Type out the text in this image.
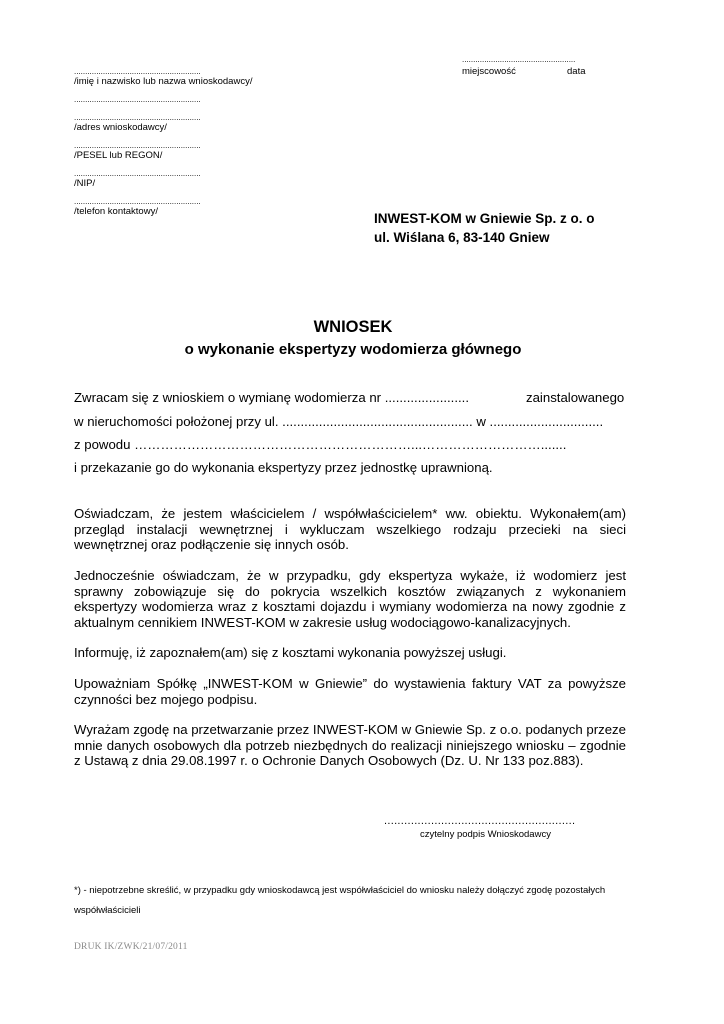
...................................................
miejscowość	data
.........................................................
/imię i nazwisko lub nazwa wnioskodawcy/
.........................................................
.........................................................
/adres wnioskodawcy/
.........................................................
/PESEL lub REGON/
.........................................................
/NIP/
.........................................................
/telefon kontaktowy/	INWEST-KOM w Gniewie Sp. z o. o
ul. Wiślana 6, 83-140 Gniew
WNIOSEK
o wykonanie ekspertyzy wodomierza głównego
Zwracam się z wnioskiem o wymianę wodomierza nr .......................	zainstalowanego
w nieruchomości położonej przy ul. .................................................... w ...............................
z powodu ………………………………………………………...……………………….......
i przekazanie go do wykonania ekspertyzy przez jednostkę uprawnioną.
Oświadczam, że jestem właścicielem / współwłaścicielem* ww. obiektu. Wykonałem(am) przegląd instalacji wewnętrznej i wykluczam wszelkiego rodzaju przecieki na sieci wewnętrznej oraz podłączenie się innych osób.
Jednocześnie oświadczam, że w przypadku, gdy ekspertyza wykaże, iż wodomierz jest sprawny zobowiązuje się do pokrycia wszelkich kosztów związanych z wykonaniem ekspertyzy wodomierza wraz z kosztami dojazdu i wymiany wodomierza na nowy zgodnie z aktualnym cennikiem INWEST-KOM w zakresie usług wodociągowo-kanalizacyjnych.
Informuję, iż zapoznałem(am) się z kosztami wykonania powyższej usługi.
Upoważniam Spółkę „INWEST-KOM w Gniewie” do wystawienia faktury VAT za powyższe czynności bez mojego podpisu.
Wyrażam zgodę na przetwarzanie przez INWEST-KOM w Gniewie Sp. z o.o. podanych przeze mnie danych osobowych dla potrzeb niezbędnych do realizacji niniejszego wniosku – zgodnie z Ustawą z dnia 29.08.1997 r. o Ochronie Danych Osobowych (Dz. U. Nr 133 poz.883).
.........................................................
czytelny podpis Wnioskodawcy
*) - niepotrzebne skreślić, w przypadku gdy wnioskodawcą jest współwłaściciel do wniosku należy dołączyć zgodę pozostałych współwłaścicieli
DRUK IK/ZWK/21/07/2011
